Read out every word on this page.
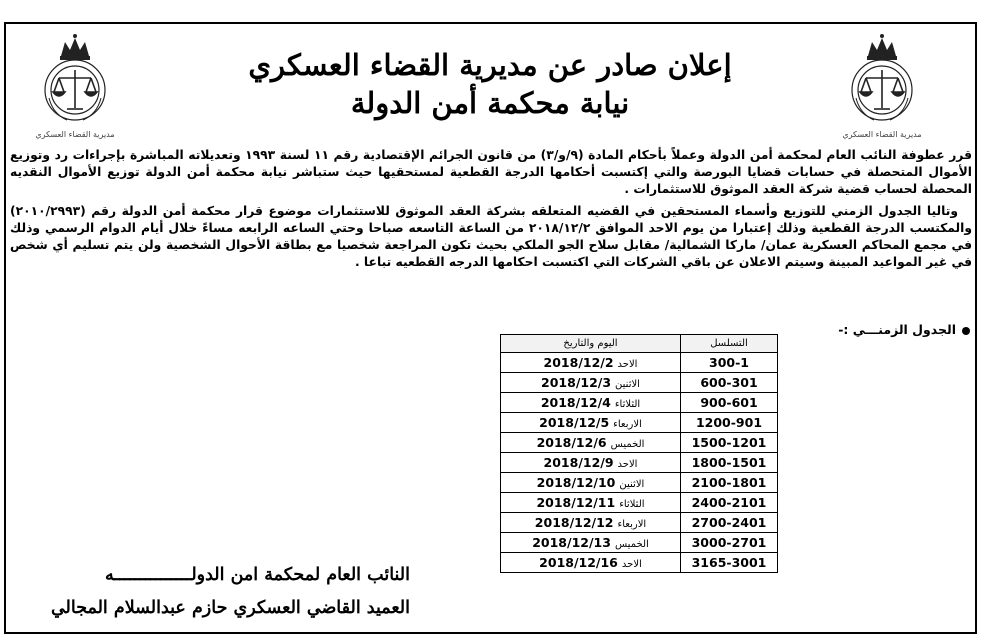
مديرية القضاء العسكري	مديرية القضاء العسكري
إعلان صادر عن مديرية القضاء العسكري
نيابة محكمة أمن الدولة
قرر عطوفة النائب العام لمحكمة أمن الدولة وعملاً بأحكام المادة (٩/و/٣) من قانون الجرائم الإقتصادية رقم ١١ لسنة ١٩٩٣ وتعديلاته المباشرة بإجراءات رد وتوزيع الأموال المتحصلة في حسابات قضايا البورصة والتي إكتسبت أحكامها الدرجة القطعية لمستحقيها حيث ستباشر نيابة محكمة أمن الدولة توزيع الأموال النقديه المحصلة لحساب قضية شركة العقد الموثوق للاستثمارات .
وتاليا الجدول الزمني للتوزيع وأسماء المستحقين في القضيه المتعلقه بشركة العقد الموثوق للاستثمارات موضوع قرار محكمة أمن الدولة رقم (٢٠١٠/٢٩٩٣) والمكتسب الدرجة القطعية وذلك إعتبارا من يوم الاحد الموافق ٢٠١٨/١٢/٢ من الساعة التاسعه صباحا وحتي الساعه الرابعه مساءً خلال أيام الدوام الرسمي وذلك في مجمع المحاكم العسكرية عمان/ ماركا الشمالية/ مقابل سلاح الجو الملكي بحيث تكون المراجعة شخصيا مع بطاقة الأحوال الشخصية ولن يتم تسليم أي شخص في غير المواعيد المبينة وسيتم الاعلان عن باقي الشركات التي اكتسبت احكامها الدرجه القطعيه تباعا .
الجدول الزمنـــي :-
التسلسل	اليوم والتاريخ
300-1	الاحد2018/12/2
600-301	الاثنين2018/12/3
900-601	الثلاثاء2018/12/4
1200-901	الاربعاء2018/12/5
1500-1201	الخميس2018/12/6
1800-1501	الاحد2018/12/9
2100-1801	الاثنين2018/12/10
2400-2101	الثلاثاء2018/12/11
2700-2401	الاربعاء2018/12/12
3000-2701	الخميس2018/12/13
3165-3001	الاحد2018/12/16
النائب العام لمحكمة امن الدولـــــــــــــــه
العميد القاضي العسكري حازم عبدالسلام المجالي
